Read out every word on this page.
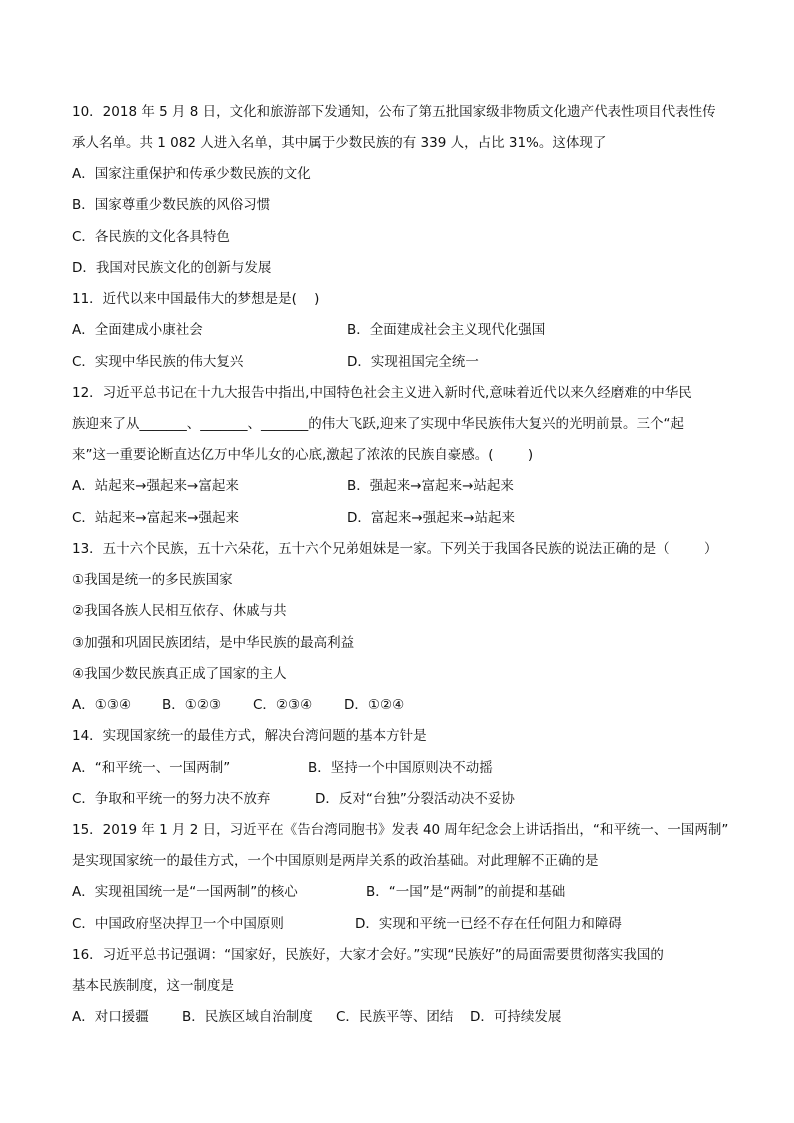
10．2018 年 5 月 8 日，文化和旅游部下发通知，公布了第五批国家级非物质文化遗产代表性项目代表性传
承人名单。共 1 082 人进入名单，其中属于少数民族的有 339 人，占比 31%。这体现了
A．国家注重保护和传承少数民族的文化
B．国家尊重少数民族的风俗习惯
C．各民族的文化各具特色
D．我国对民族文化的创新与发展
11．近代以来中国最伟大的梦想是是(    )
A．全面建成小康社会	B．全面建成社会主义现代化强国
C．实现中华民族的伟大复兴	D．实现祖国完全统一
12．习近平总书记在十九大报告中指出,中国特色社会主义进入新时代,意味着近代以来久经磨难的中华民
族迎来了从_______、_______、_______的伟大飞跃,迎来了实现中华民族伟大复兴的光明前景。三个“起
来”这一重要论断直达亿万中华儿女的心底,激起了浓浓的民族自豪感。(        )
A．站起来→强起来→富起来	B．强起来→富起来→站起来
C．站起来→富起来→强起来	D．富起来→强起来→站起来
13．五十六个民族，五十六朵花，五十六个兄弟姐妹是一家。下列关于我国各民族的说法正确的是（        ）
①我国是统一的多民族国家
②我国各族人民相互依存、休戚与共
③加强和巩固民族团结，是中华民族的最高利益
④我国少数民族真正成了国家的主人
A．①③④ B．①②③ C．②③④ D．①②④
14．实现国家统一的最佳方式，解决台湾问题的基本方针是
A．“和平统一、一国两制”	B．坚持一个中国原则决不动摇
C．争取和平统一的努力决不放弃	D．反对“台独”分裂活动决不妥协
15．2019 年 1 月 2 日，习近平在《告台湾同胞书》发表 40 周年纪念会上讲话指出，“和平统一、一国两制”
是实现国家统一的最佳方式，一个中国原则是两岸关系的政治基础。对此理解不正确的是
A．实现祖国统一是“一国两制”的核心	B．“一国”是“两制”的前提和基础
C．中国政府坚决捍卫一个中国原则	D．实现和平统一已经不存在任何阻力和障碍
16．习近平总书记强调：“国家好，民族好，大家才会好。”实现“民族好”的局面需要贯彻落实我国的
基本民族制度，这一制度是
A．对口援疆 B．民族区域自治制度 C．民族平等、团结 D．可持续发展
